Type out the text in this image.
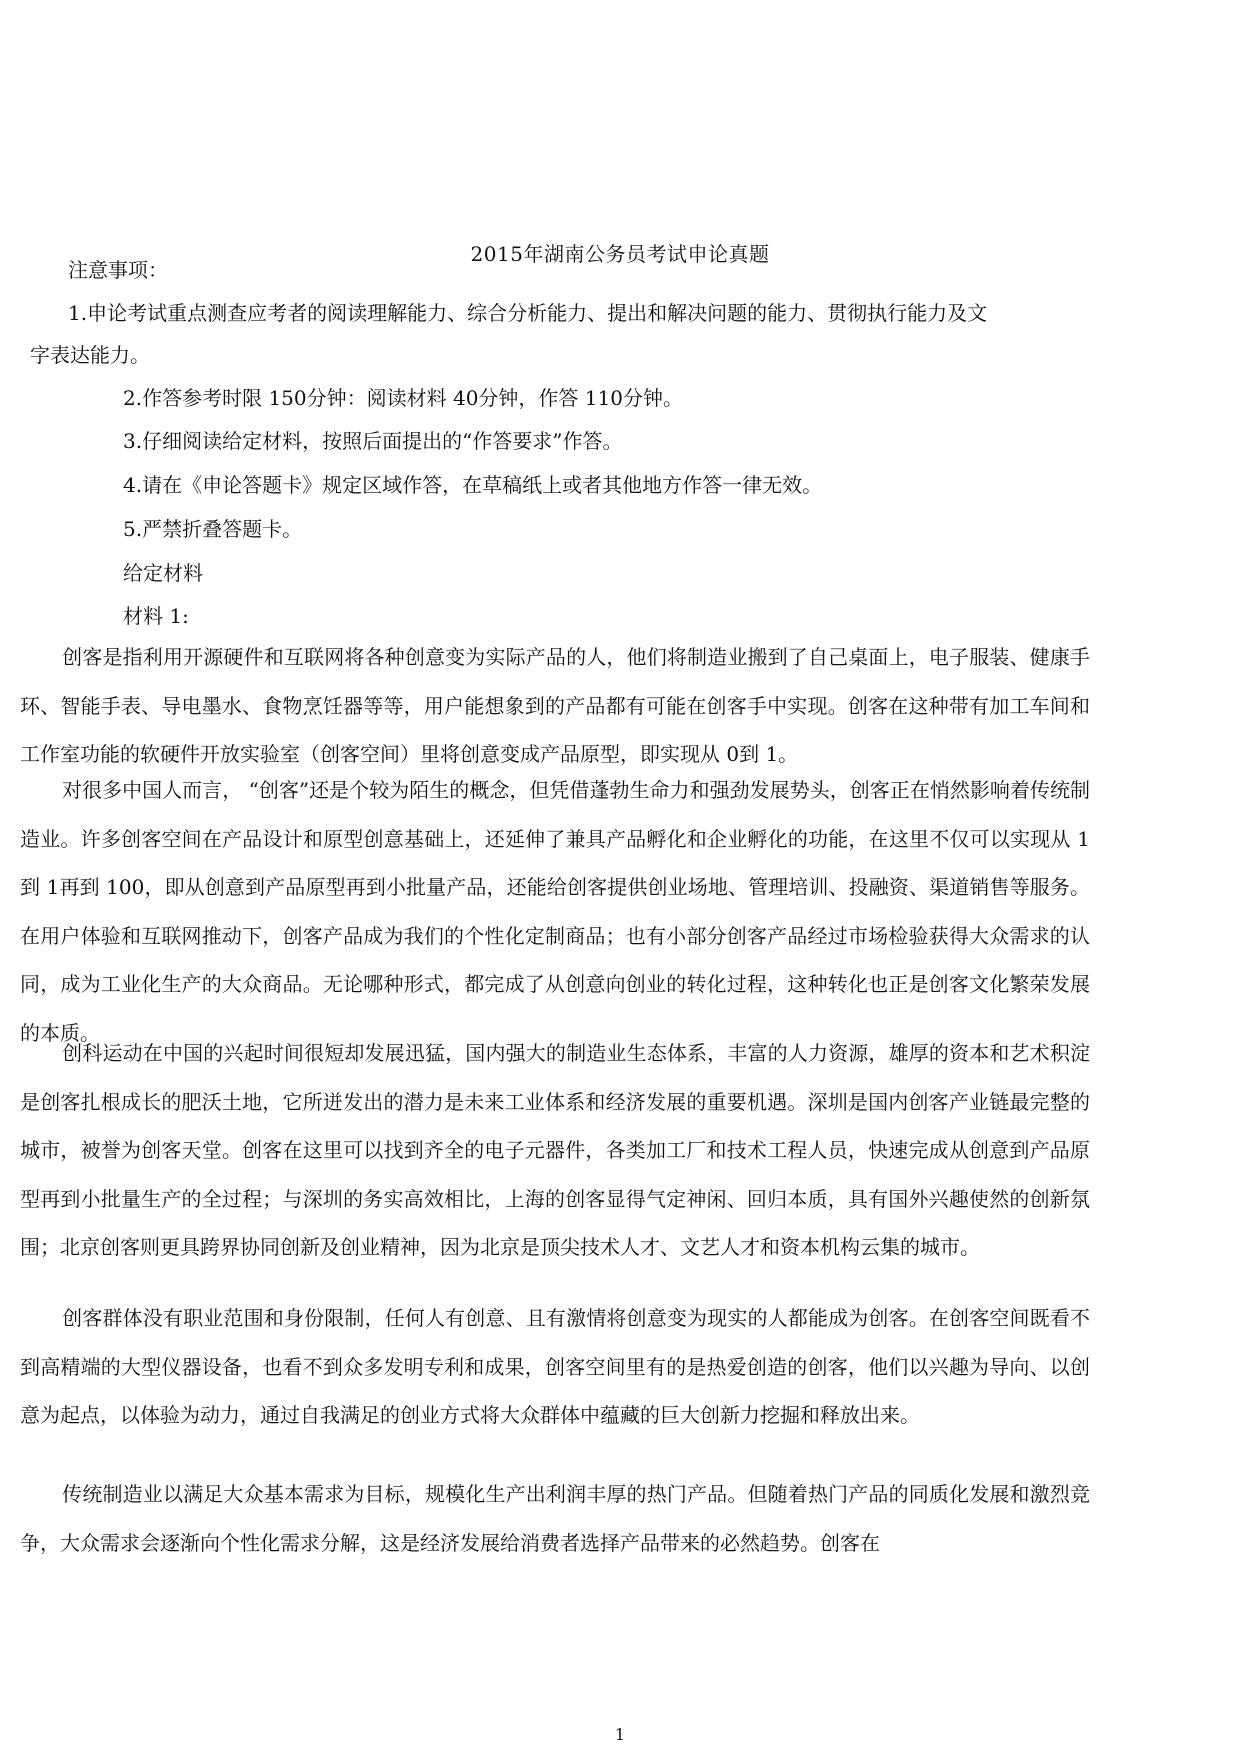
2015年湖南公务员考试申论真题
注意事项：
1.申论考试重点测查应考者的阅读理解能力、综合分析能力、提出和解决问题的能力、贯彻执行能力及文
字表达能力。
2.作答参考时限 150分钟：阅读材料 40分钟，作答 110分钟。
3.仔细阅读给定材料，按照后面提出的“作答要求”作答。
4.请在《申论答题卡》规定区域作答，在草稿纸上或者其他地方作答一律无效。
5.严禁折叠答题卡。
给定材料
材料 1:

创客是指利用开源硬件和互联网将各种创意变为实际产品的人，他们将制造业搬到了自己桌面上，电子服装、健康手环、智能手表、导电墨水、食物烹饪器等等，用户能想象到的产品都有可能在创客手中实现。创客在这种带有加工车间和工作室功能的软硬件开放实验室（创客空间）里将创意变成产品原型，即实现从 0到 1。

对很多中国人而言， “创客”还是个较为陌生的概念，但凭借蓬勃生命力和强劲发展势头，创客正在悄然影响着传统制造业。许多创客空间在产品设计和原型创意基础上，还延伸了兼具产品孵化和企业孵化的功能，在这里不仅可以实现从 1到 1再到 100，即从创意到产品原型再到小批量产品，还能给创客提供创业场地、管理培训、投融资、渠道销售等服务。在用户体验和互联网推动下，创客产品成为我们的个性化定制商品；也有小部分创客产品经过市场检验获得大众需求的认同，成为工业化生产的大众商品。无论哪种形式，都完成了从创意向创业的转化过程，这种转化也正是创客文化繁荣发展的本质。

创科运动在中国的兴起时间很短却发展迅猛，国内强大的制造业生态体系，丰富的人力资源，雄厚的资本和艺术积淀是创客扎根成长的肥沃土地，它所迸发出的潜力是未来工业体系和经济发展的重要机遇。深圳是国内创客产业链最完整的城市，被誉为创客天堂。创客在这里可以找到齐全的电子元器件，各类加工厂和技术工程人员，快速完成从创意到产品原型再到小批量生产的全过程；与深圳的务实高效相比，上海的创客显得气定神闲、回归本质，具有国外兴趣使然的创新氛围；北京创客则更具跨界协同创新及创业精神，因为北京是顶尖技术人才、文艺人才和资本机构云集的城市。

创客群体没有职业范围和身份限制，任何人有创意、且有激情将创意变为现实的人都能成为创客。在创客空间既看不到高精端的大型仪器设备，也看不到众多发明专利和成果，创客空间里有的是热爱创造的创客，他们以兴趣为导向、以创意为起点，以体验为动力，通过自我满足的创业方式将大众群体中蕴藏的巨大创新力挖掘和释放出来。

传统制造业以满足大众基本需求为目标，规模化生产出利润丰厚的热门产品。但随着热门产品的同质化发展和激烈竞争，大众需求会逐渐向个性化需求分解，这是经济发展给消费者选择产品带来的必然趋势。创客在

1
